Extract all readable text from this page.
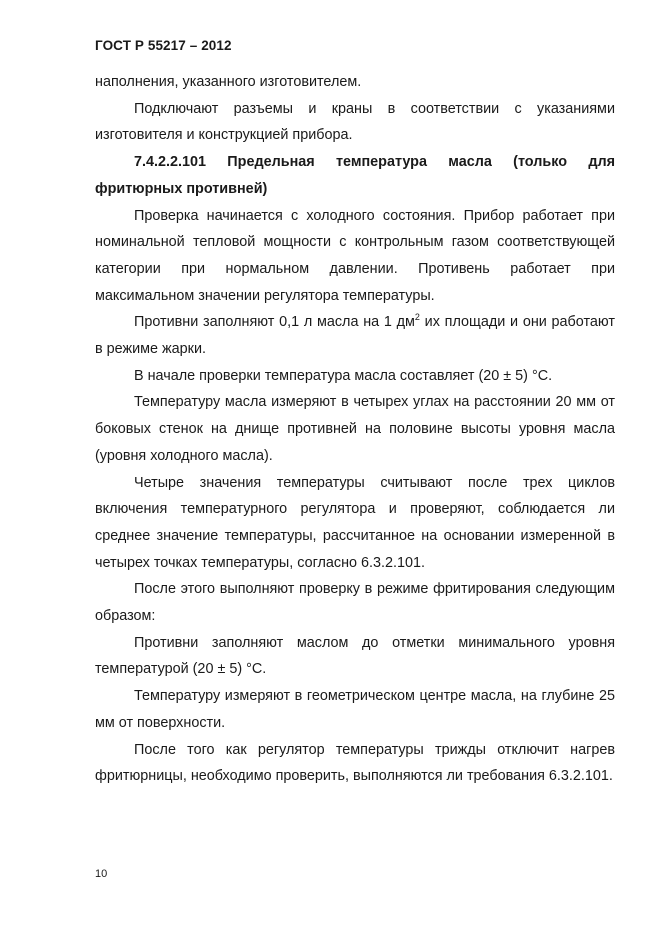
ГОСТ Р 55217 – 2012

наполнения, указанного изготовителем.

Подключают разъемы и краны в соответствии с указаниями изготовителя и конструкцией прибора.

7.4.2.2.101 Предельная температура масла (только для фритюрных противней)

Проверка начинается с холодного состояния. Прибор работает при номинальной тепловой мощности с контрольным газом соответствующей категории при нормальном давлении. Противень работает при максимальном значении регулятора температуры.

Противни заполняют 0,1 л масла на 1 $дм^2$ их площади и они работают в режиме жарки.

В начале проверки температура масла составляет (20 ± 5) °С.

Температуру масла измеряют в четырех углах на расстоянии 20 мм от боковых стенок на днище противней на половине высоты уровня масла (уровня холодного масла).

Четыре значения температуры считывают после трех циклов включения температурного регулятора и проверяют, соблюдается ли среднее значение температуры, рассчитанное на основании измеренной в четырех точках температуры, согласно 6.3.2.101.

После этого выполняют проверку в режиме фритирования следующим образом:

Противни заполняют маслом до отметки минимального уровня температурой (20 ± 5) °С.

Температуру измеряют в геометрическом центре масла, на глубине 25 мм от поверхности.

После того как регулятор температуры трижды отключит нагрев фритюрницы, необходимо проверить, выполняются ли требования 6.3.2.101.

10
